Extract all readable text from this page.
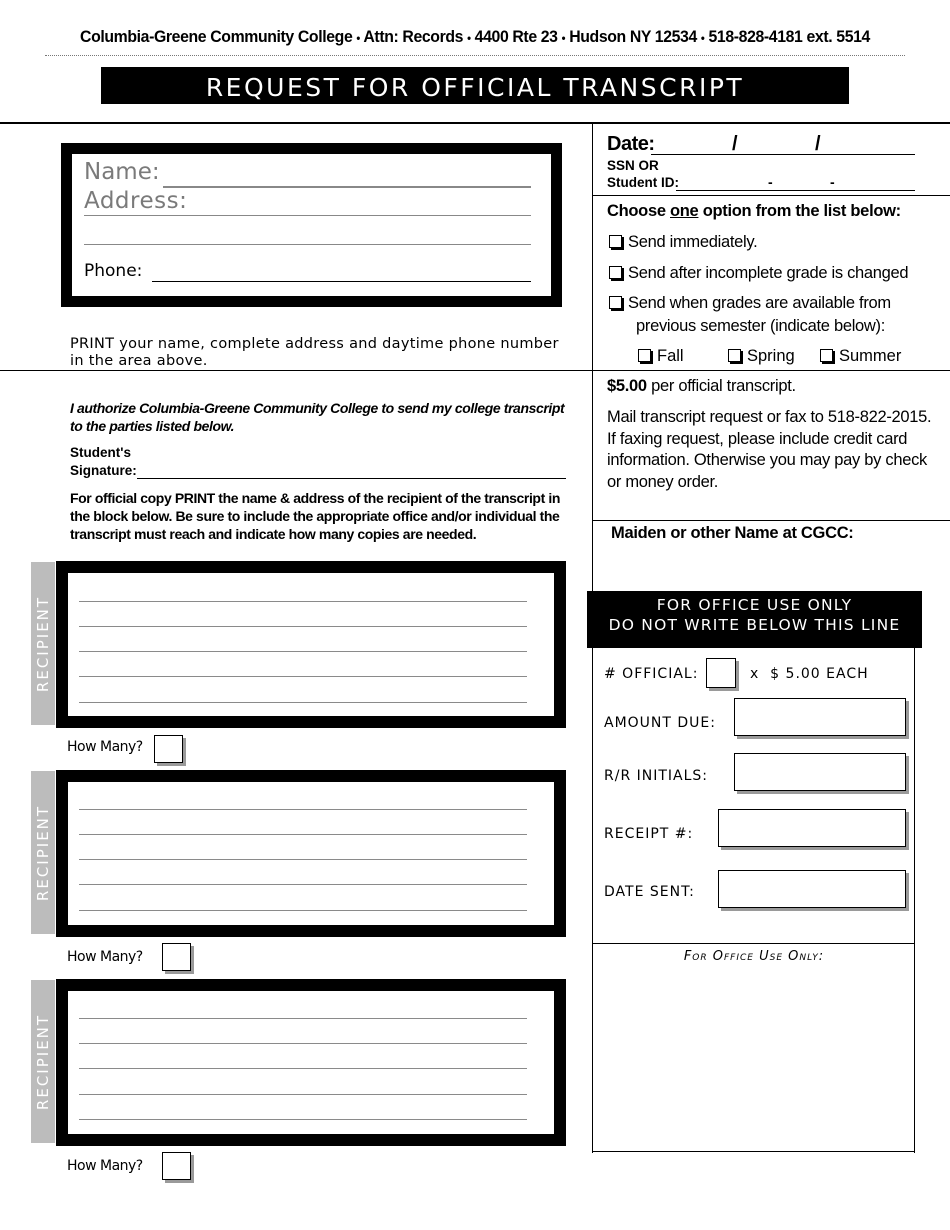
Columbia-Greene Community College • Attn: Records • 4400 Rte 23 • Hudson NY 12534 • 518-828-4181 ext. 5514
REQUEST FOR OFFICIAL TRANSCRIPT
Name:
Address:
Phone:
PRINT your name, complete address and daytime phone number in the area above.
Date:	/	/
SSN OR
Student ID:	-	-
Choose one option from the list below:
Send immediately.
Send after incomplete grade is changed
Send when grades are available from
previous semester (indicate below):
Fall	Spring	Summer
$5.00 per official transcript.
Mail transcript request or fax to 518-822-2015.
If faxing request, please include credit card
information. Otherwise you may pay by check
or money order.
Maiden or other Name at CGCC:
I authorize Columbia-Greene Community College to send my college transcript to the parties listed below.
Student's
Signature:
For official copy PRINT the name & address of the recipient of the transcript in the block below. Be sure to include the appropriate office and/or individual the transcript must reach and indicate how many copies are needed.
RECIPIENT
How Many?
RECIPIENT
How Many?
RECIPIENT
How Many?
FOR OFFICE USE ONLY
DO NOT WRITE BELOW THIS LINE
# OFFICIAL:	x  $ 5.00 EACH
AMOUNT DUE:
R/R INITIALS:
RECEIPT #:
DATE SENT:
For Office Use Only:
